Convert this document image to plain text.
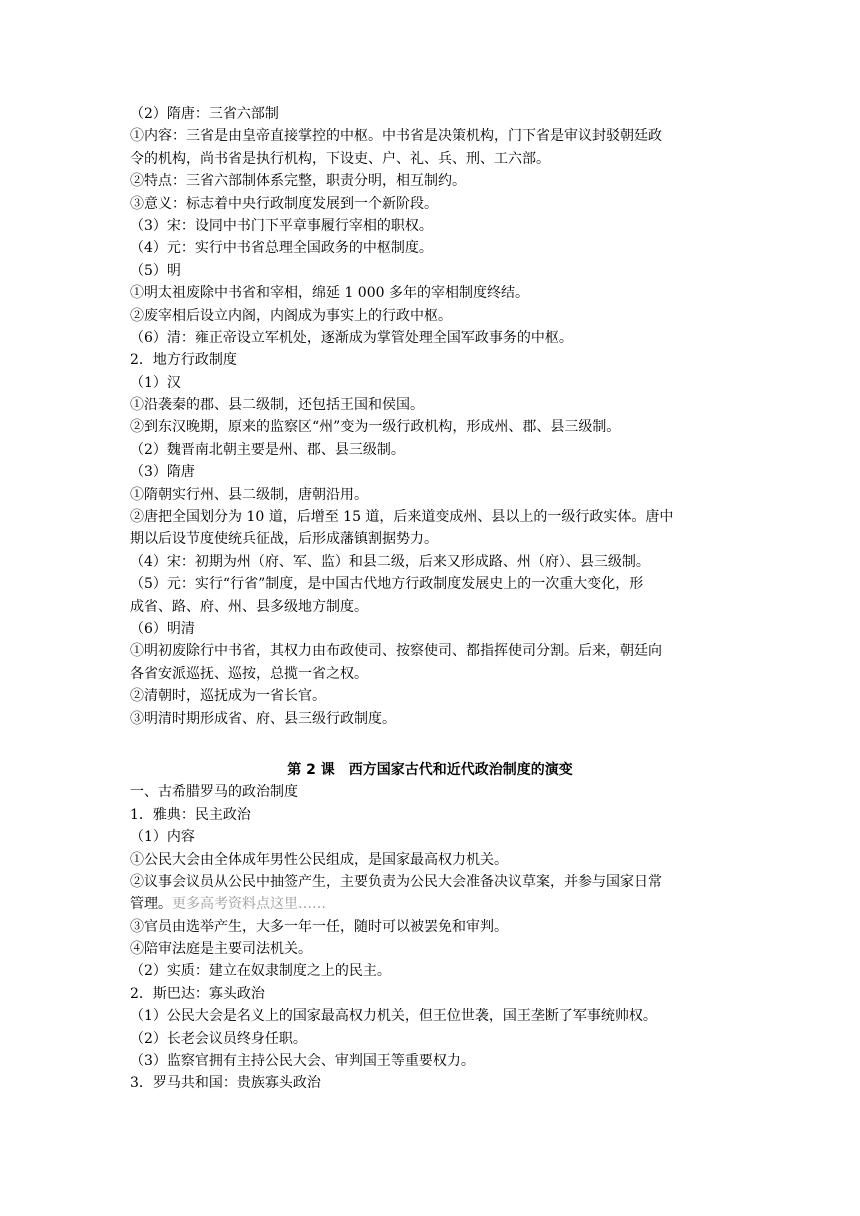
（2）隋唐：三省六部制
①内容：三省是由皇帝直接掌控的中枢。中书省是决策机构，门下省是审议封驳朝廷政
令的机构，尚书省是执行机构，下设吏、户、礼、兵、刑、工六部。
②特点：三省六部制体系完整，职责分明，相互制约。
③意义：标志着中央行政制度发展到一个新阶段。
（3）宋：设同中书门下平章事履行宰相的职权。
（4）元：实行中书省总理全国政务的中枢制度。
（5）明
①明太祖废除中书省和宰相，绵延 1 000 多年的宰相制度终结。
②废宰相后设立内阁，内阁成为事实上的行政中枢。
（6）清：雍正帝设立军机处，逐渐成为掌管处理全国军政事务的中枢。
2．地方行政制度
（1）汉
①沿袭秦的郡、县二级制，还包括王国和侯国。
②到东汉晚期，原来的监察区“州”变为一级行政机构，形成州、郡、县三级制。
（2）魏晋南北朝主要是州、郡、县三级制。
（3）隋唐
①隋朝实行州、县二级制，唐朝沿用。
②唐把全国划分为 10 道，后增至 15 道，后来道变成州、县以上的一级行政实体。唐中
期以后设节度使统兵征战，后形成藩镇割据势力。
（4）宋：初期为州（府、军、监）和县二级，后来又形成路、州（府）、县三级制。
（5）元：实行“行省”制度，是中国古代地方行政制度发展史上的一次重大变化，形
成省、路、府、州、县多级地方制度。
（6）明清
①明初废除行中书省，其权力由布政使司、按察使司、都指挥使司分割。后来，朝廷向
各省安派巡抚、巡按，总揽一省之权。
②清朝时，巡抚成为一省长官。
③明清时期形成省、府、县三级行政制度。
第 2 课　西方国家古代和近代政治制度的演变
一、古希腊罗马的政治制度
1．雅典：民主政治
（1）内容
①公民大会由全体成年男性公民组成，是国家最高权力机关。
②议事会议员从公民中抽签产生，主要负责为公民大会准备决议草案，并参与国家日常
管理。更多高考资料点这里……
③官员由选举产生，大多一年一任，随时可以被罢免和审判。
④陪审法庭是主要司法机关。
（2）实质：建立在奴隶制度之上的民主。
2．斯巴达：寡头政治
（1）公民大会是名义上的国家最高权力机关，但王位世袭，国王垄断了军事统帅权。
（2）长老会议员终身任职。
（3）监察官拥有主持公民大会、审判国王等重要权力。
3．罗马共和国：贵族寡头政治
